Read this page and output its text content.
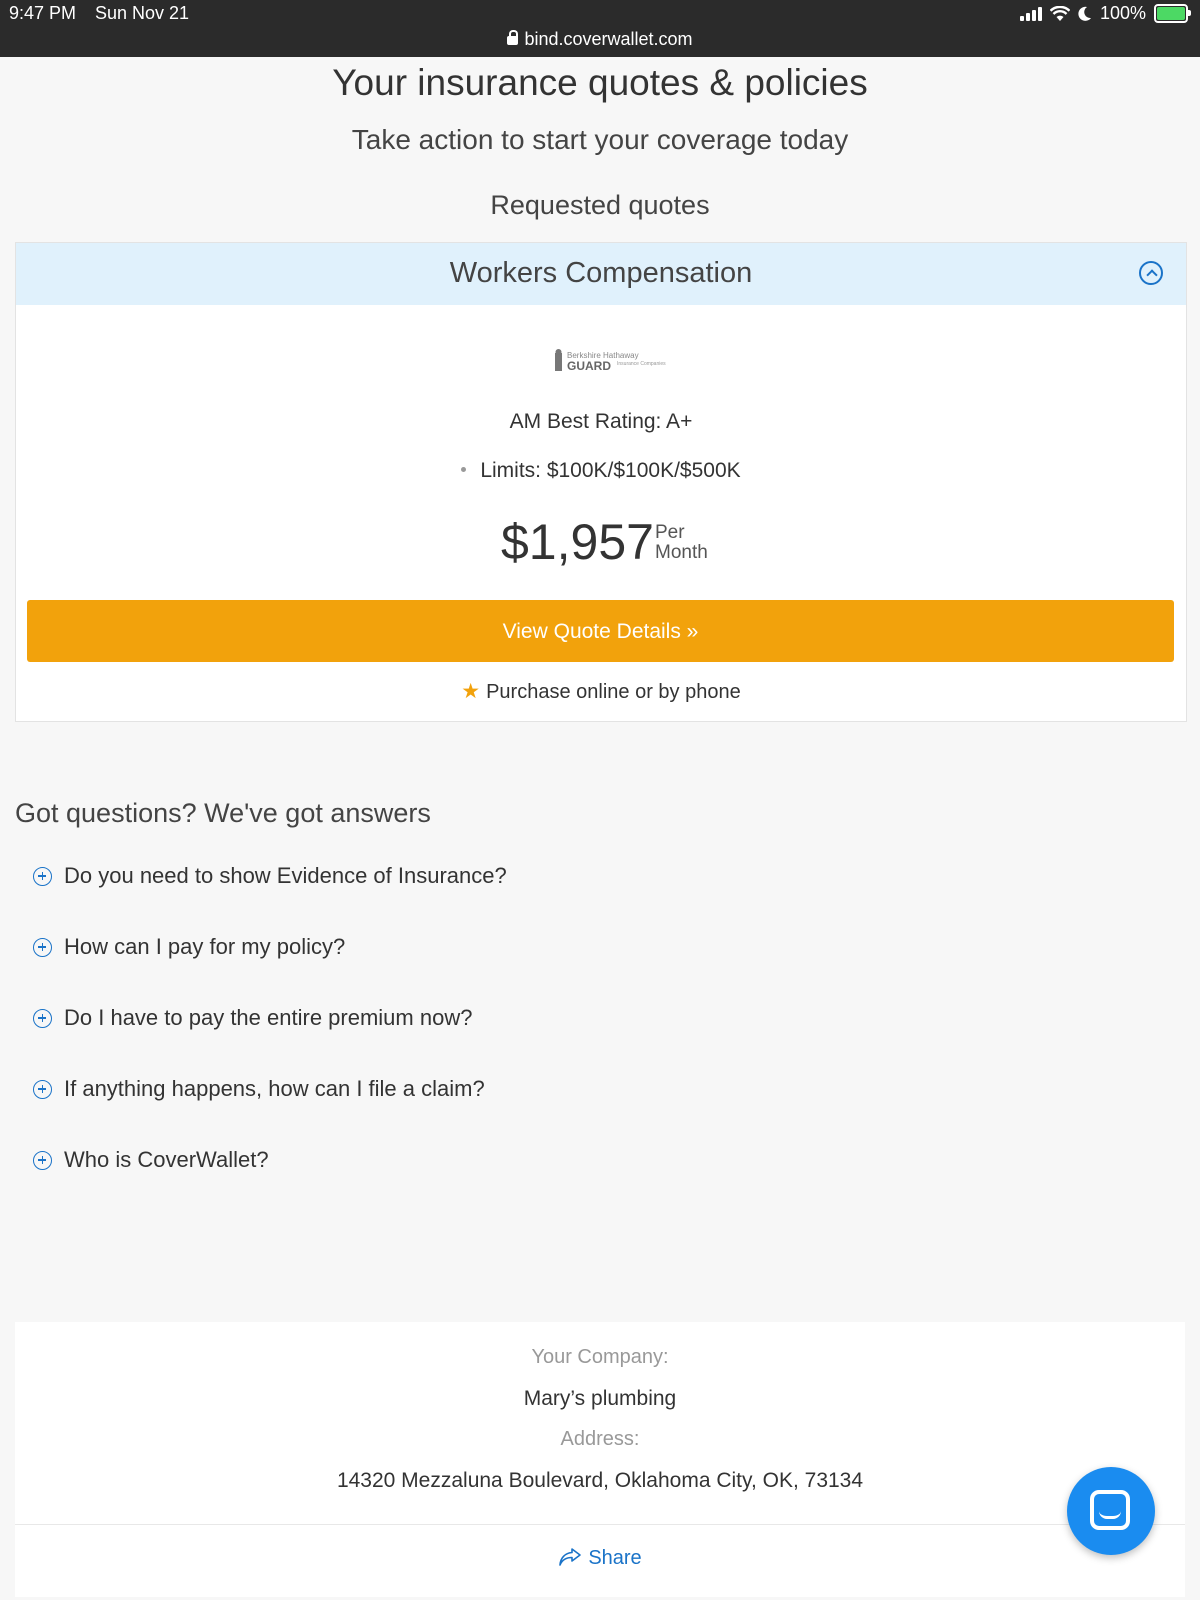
9:47 PM Sun Nov 21
bind.coverwallet.com
100%
Your insurance quotes & policies
Take action to start your coverage today
Requested quotes
Workers Compensation
Berkshire Hathaway
GUARD Insurance Companies
AM Best Rating: A+
Limits: $100K/$100K/$500K
$1,957 Per
Month
View Quote Details »
★ Purchase online or by phone
Got questions? We've got answers
Do you need to show Evidence of Insurance?
How can I pay for my policy?
Do I have to pay the entire premium now?
If anything happens, how can I file a claim?
Who is CoverWallet?
Your Company:
Mary’s plumbing
Address:
14320 Mezzaluna Boulevard, Oklahoma City, OK, 73134
Share
